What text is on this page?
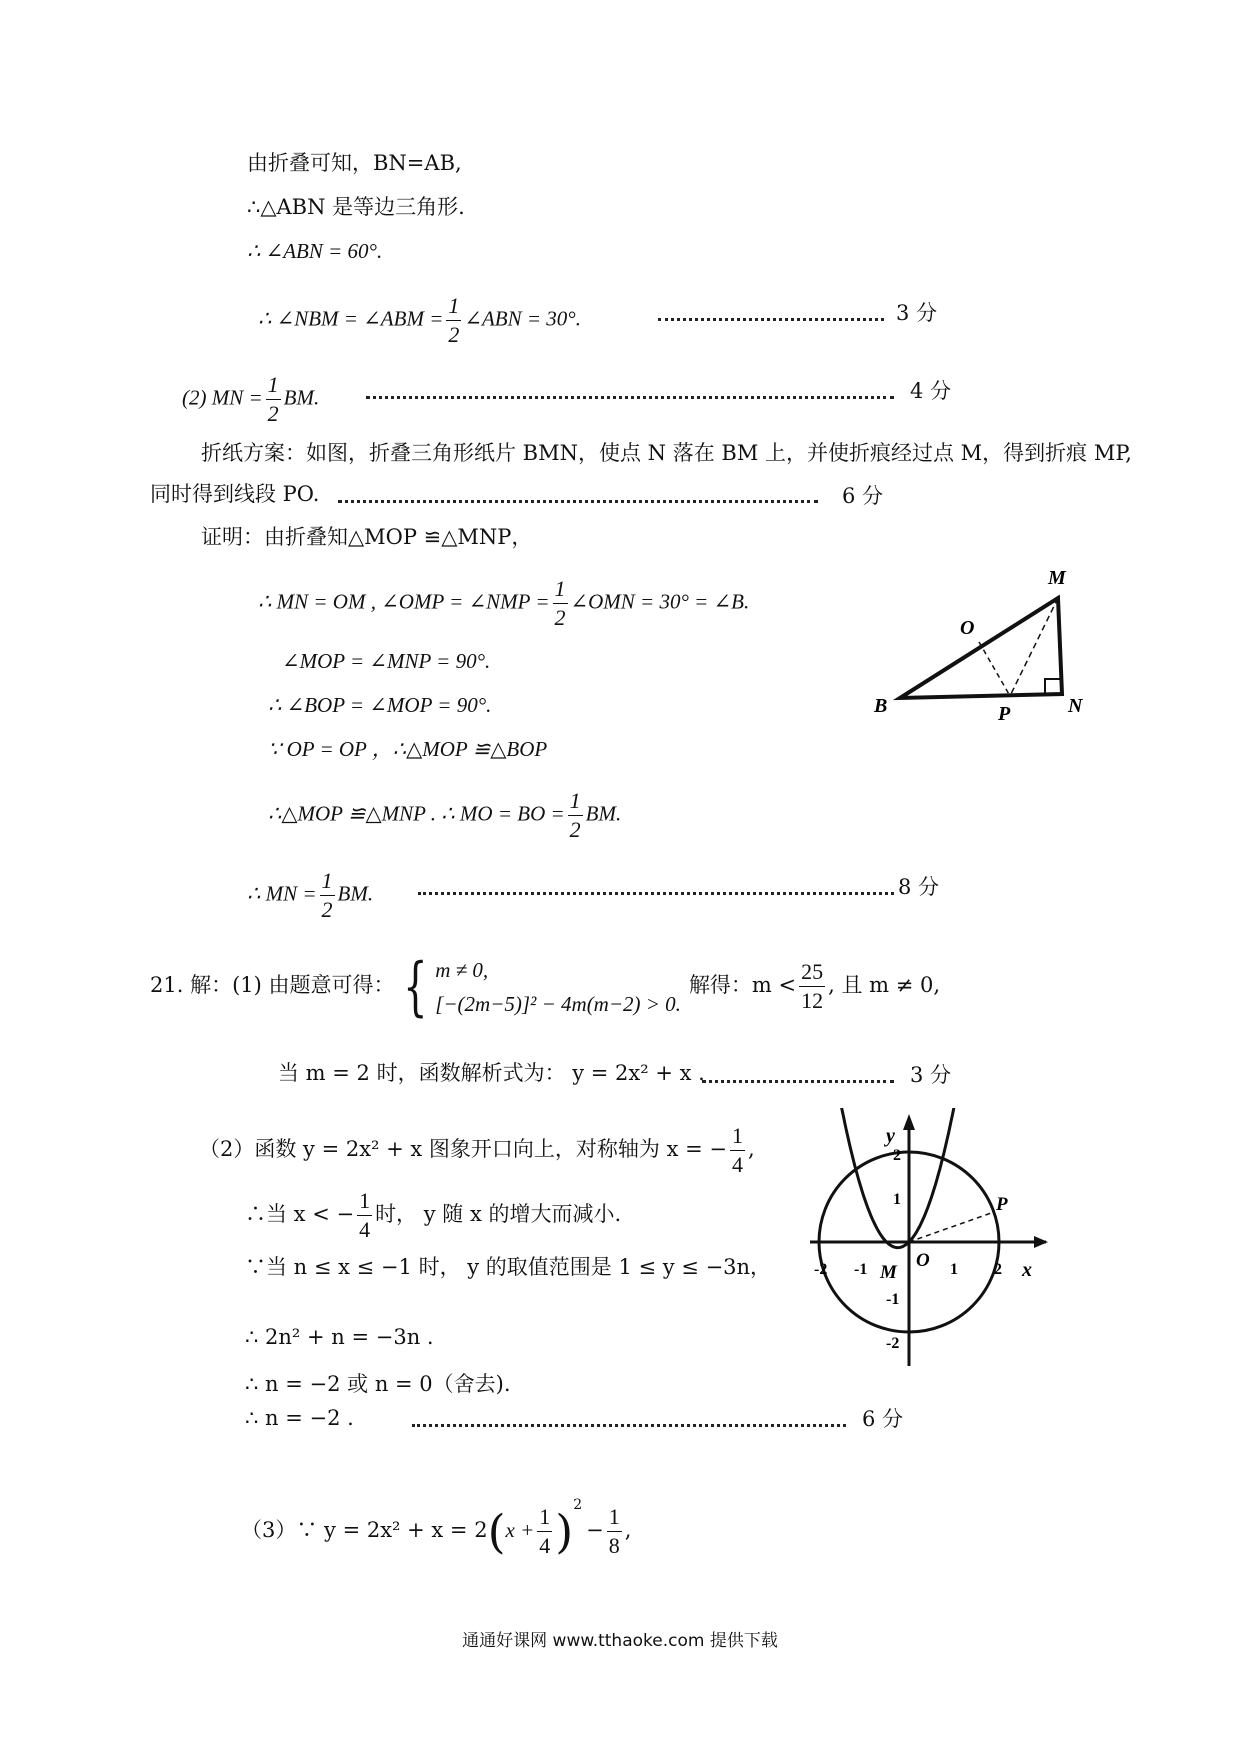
由折叠可知，BN=AB,
∴△ABN 是等边三角形.
∴ ∠ABN = 60°.
∴ ∠NBM = ∠ABM = $\frac{1}{2}$ ∠ABN = 30°.	3 分
(2) MN = $\frac{1}{2}$ BM.	4 分
折纸方案：如图，折叠三角形纸片 BMN，使点 N 落在 BM 上，并使折痕经过点 M，得到折痕 MP,
同时得到线段 PO.	6 分
证明：由折叠知△MOP ≌△MNP，
∴ MN = OM , ∠OMP = ∠NMP = $\frac{1}{2}$ ∠OMN = 30° = ∠B.
∠MOP = ∠MNP = 90°.
∴ ∠BOP = ∠MOP = 90°.
∵ OP = OP ，∴△MOP ≌△BOP
∴△MOP ≌△MNP . ∴ MO = BO = $\frac{1}{2}$ BM.
∴ MN = $\frac{1}{2}$ BM.	8 分
M
O
B	P	N
21. 解：(1) 由题意可得： { m ≠ 0,
[−(2m−5)]² − 4m(m−2) > 0.
解得：$m < \frac{25}{12}$ , 且 m ≠ 0,
当 m = 2 时，函数解析式为： y = 2x² + x .	3 分
（2）函数 y = 2x² + x 图象开口向上，对称轴为 x = − $\frac{1}{4}$ ,
∴当 x < − $\frac{1}{4}$ 时， y 随 x 的增大而减小.
∵当 n ≤ x ≤ −1 时， y 的取值范围是 1 ≤ y ≤ −3n，
∴ 2n² + n = −3n .
∴ n = −2 或 n = 0（舍去).
∴ n = −2 .	6 分
（3）∵ $y = 2x^2 + x = 2(x + \frac{1}{4} )^2- \frac{1}{8}$ ,
y
x
O
P
M
2
1
-1
-2
-2 -1	1 2
通通好课网 www.tthaoke.com 提供下载
